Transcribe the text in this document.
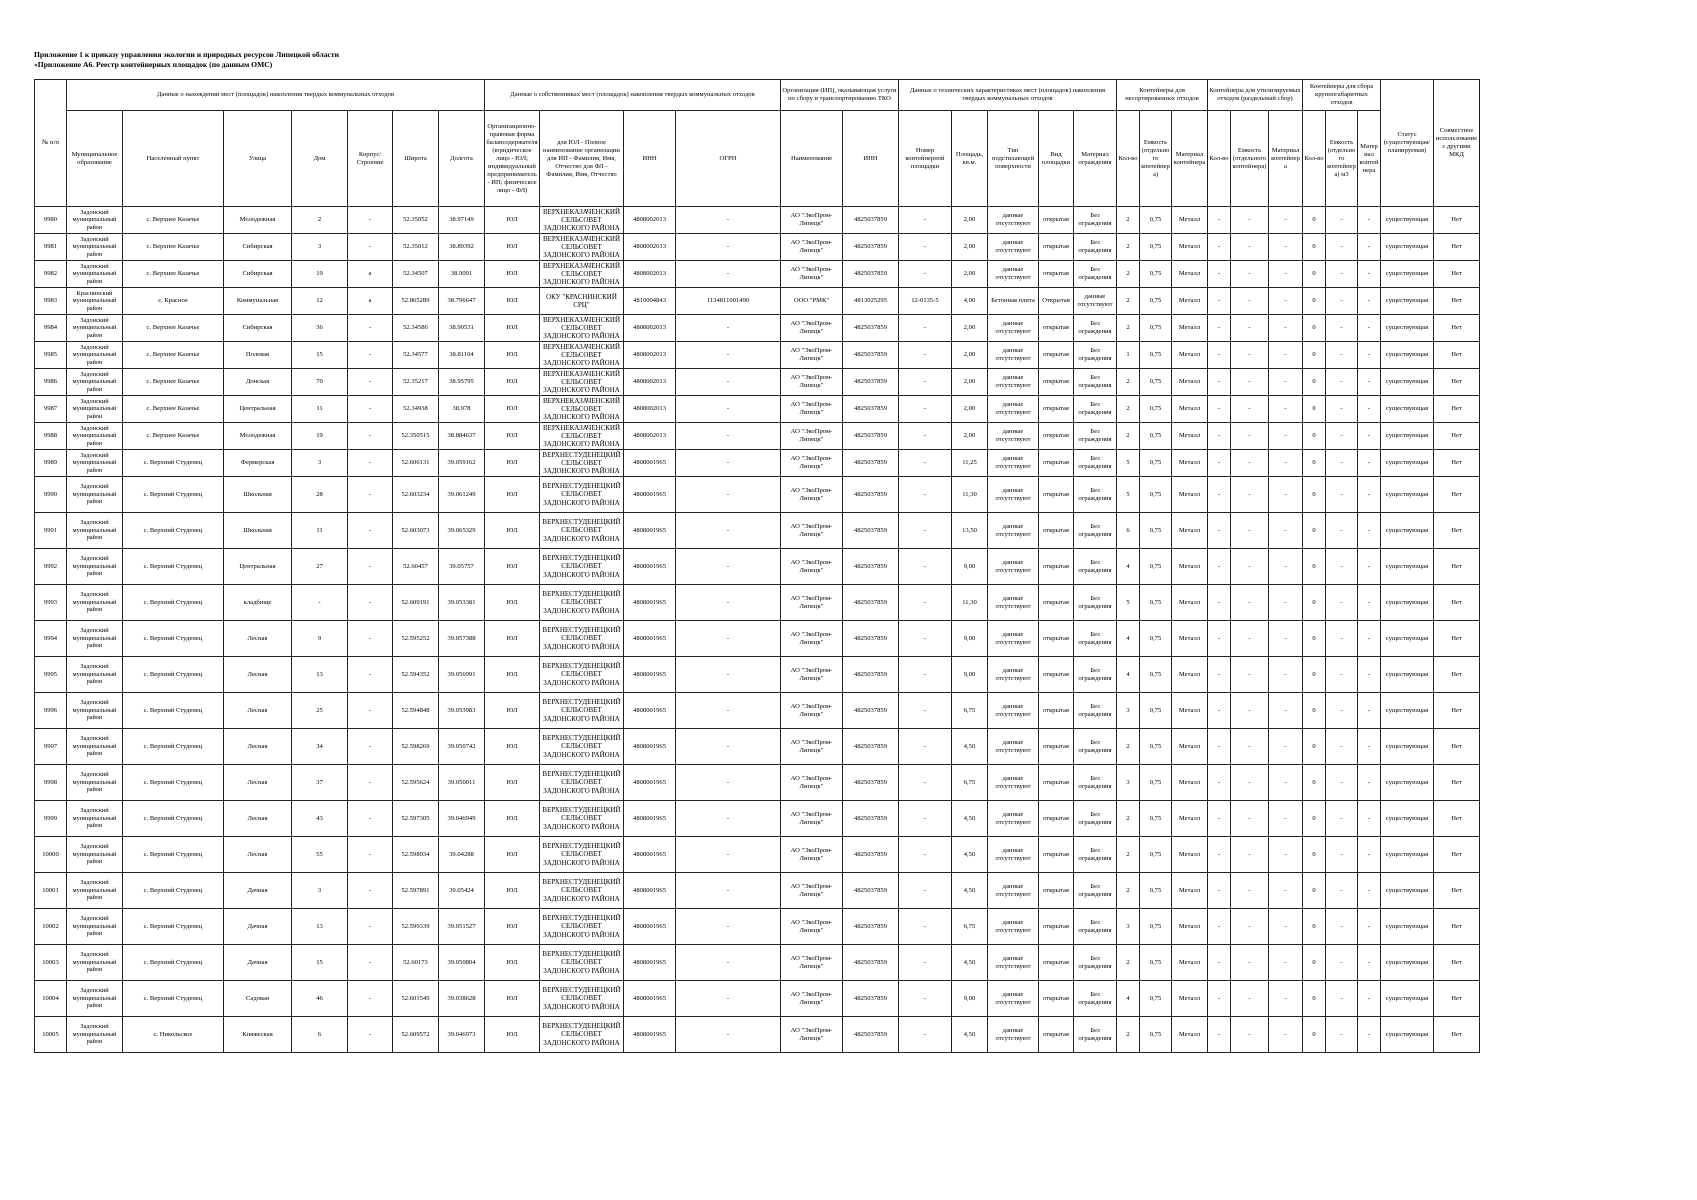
Приложение 1 к приказу управления экологии и природных ресурсов Липецкой области
«Приложение А6. Реестр контейнерных площадок (по данным ОМС)
№ п/п	Данные о нахождении мест (площадок) накопления твердых коммунальных отходов							Данные о собственниках мест (площадок) накопления твердых коммунальных отходов				Организация (ИП), оказывающая услуги по сбору и транспортированию ТКО		Данные о технических характеристиках мест (площадок) накопления твердых коммунальных отходов					Контейнеры для несортированных отходов			Контейнеры для утилизируемых отходов (раздельный сбор)			Контейнеры для сбора крупногабаритных отходов			Статус (существующая/ планируемая)	Совместное использование с другими МКД
	Муниципальное образование	Населенный пункт	Улица	Дом	Корпус/Строение	Широта	Долгота	Организационно-правовая форма балансодержателя (юридическое лицо - ЮЛ; индивидуальный предприниматель - ИП; физическое лицо - ФЛ)	для ЮЛ - Полное наименование организации для ИП - Фамилия, Имя, Отчество для ФЛ - Фамилия, Имя, Отчество	ИНН	ОГРН	Наименование	ИНН	Номер контейнерной площадки	Площадь, кв.м.	Тип подстилающей поверхности	Вид площадки	Материал ограждения	Кол-во	Емкость (отдельного контейнера)	Материал контейнера	Кол-во	Емкость (отдельного контейнера)	Материал контейнера	Кол-во	Емкость (отдельного контейнера) м3	Материал контейнера		
9980	Задонский муниципальный район	с. Верхнее Казачье	Молодежная	2	-	52.35052	38.97149	ЮЛ	ВЕРХНЕКАЗАЧЕНСКИЙ СЕЛЬСОВЕТ ЗАДОНСКОГО РАЙОНА	4808002013	-	АО "ЭкоПром-Липецк"	4825037859	-	2,00	данные отсутствуют	открытая	Без ограждения	2	0,75	Металл	-	-	-	0	-	-	существующая	Нет
9981	Задонский муниципальный район	с. Верхнее Казачье	Сибирская	3	-	52.35012	38.89392	ЮЛ	ВЕРХНЕКАЗАЧЕНСКИЙ СЕЛЬСОВЕТ ЗАДОНСКОГО РАЙОНА	4808002013	-	АО "ЭкоПром-Липецк"	4825037859	-	2,00	данные отсутствуют	открытая	Без ограждения	2	0,75	Металл	-	-	-	0	-	-	существующая	Нет
9982	Задонский муниципальный район	с. Верхнее Казачье	Сибирская	19	а	52.34507	38.9091	ЮЛ	ВЕРХНЕКАЗАЧЕНСКИЙ СЕЛЬСОВЕТ ЗАДОНСКОГО РАЙОНА	4808002013	-	АО "ЭкоПром-Липецк"	4825037859	-	2,00	данные отсутствуют	открытая	Без ограждения	2	0,75	Металл	-	-	-	0	-	-	существующая	Нет
9983	Краснинский муниципальный район	с. Красное	Коммунальная	12	а	52.865289	38.796647	ЮЛ	ОКУ "КРАСНИНСКИЙ СРЦ"	4810004843	1134811001490	ООО "РМК"	4813025295	12-0135-5	4,00	Бетонная плита	Открытая	данные отсутствуют	2	0,75	Металл	-	-	-	0	-	-	существующая	Нет
9984	Задонский муниципальный район	с. Верхнее Казачье	Сибирская	36	-	52.34586	38.90531	ЮЛ	ВЕРХНЕКАЗАЧЕНСКИЙ СЕЛЬСОВЕТ ЗАДОНСКОГО РАЙОНА	4808002013	-	АО "ЭкоПром-Липецк"	4825037859	-	2,00	данные отсутствуют	открытая	Без ограждения	2	0,75	Металл	-	-	-	0	-	-	существующая	Нет
9985	Задонский муниципальный район	с. Верхнее Казачье	Полевая	15	-	52.34577	38.81104	ЮЛ	ВЕРХНЕКАЗАЧЕНСКИЙ СЕЛЬСОВЕТ ЗАДОНСКОГО РАЙОНА	4808002013	-	АО "ЭкоПром-Липецк"	4825037859	-	2,00	данные отсутствуют	открытая	Без ограждения	1	0,75	Металл	-	-	-	0	-	-	существующая	Нет
9986	Задонский муниципальный район	с. Верхнее Казачье	Донская	70	-	52.35217	38.95795	ЮЛ	ВЕРХНЕКАЗАЧЕНСКИЙ СЕЛЬСОВЕТ ЗАДОНСКОГО РАЙОНА	4808002013	-	АО "ЭкоПром-Липецк"	4825037859	-	2,00	данные отсутствуют	открытая	Без ограждения	2	0,75	Металл	-	-	-	0	-	-	существующая	Нет
9987	Задонский муниципальный район	с. Верхнее Казачье	Центральная	11	-	52.34938	38.978	ЮЛ	ВЕРХНЕКАЗАЧЕНСКИЙ СЕЛЬСОВЕТ ЗАДОНСКОГО РАЙОНА	4808002013	-	АО "ЭкоПром-Липецк"	4825037859	-	2,00	данные отсутствуют	открытая	Без ограждения	2	0,75	Металл	-	-	-	0	-	-	существующая	Нет
9988	Задонский муниципальный район	с. Верхнее Казачье	Молодежная	19	-	52.350515	38.884637	ЮЛ	ВЕРХНЕКАЗАЧЕНСКИЙ СЕЛЬСОВЕТ ЗАДОНСКОГО РАЙОНА	4808002013	-	АО "ЭкоПром-Липецк"	4825037859	-	2,00	данные отсутствуют	открытая	Без ограждения	2	0,75	Металл	-	-	-	0	-	-	существующая	Нет
9989	Задонский муниципальный район	с. Верхний Студенец	Фермерская	3	-	52.606131	39.059162	ЮЛ	ВЕРХНЕСТУДЕНЕЦКИЙ СЕЛЬСОВЕТ ЗАДОНСКОГО РАЙОНА	4808001965	-	АО "ЭкоПром-Липецк"	4825037859	-	11,25	данные отсутствуют	открытая	Без ограждения	5	0,75	Металл	-	-	-	0	-	-	существующая	Нет
9990	Задонский муниципальный район	с. Верхний Студенец	Школьная	28	-	52.603234	39.061249	ЮЛ	ВЕРХНЕСТУДЕНЕЦКИЙ СЕЛЬСОВЕТ ЗАДОНСКОГО РАЙОНА	4808001965	-	АО "ЭкоПром-Липецк"	4825037859	-	11,30	данные отсутствуют	открытая	Без ограждения	5	0,75	Металл	-	-	-	0	-	-	существующая	Нет
9991	Задонский муниципальный район	с. Верхний Студенец	Школьная	11	-	52.603073	39.065329	ЮЛ	ВЕРХНЕСТУДЕНЕЦКИЙ СЕЛЬСОВЕТ ЗАДОНСКОГО РАЙОНА	4808001965	-	АО "ЭкоПром-Липецк"	4825037859	-	13,50	данные отсутствуют	открытая	Без ограждения	6	0,75	Металл	-	-	-	0	-	-	существующая	Нет
9992	Задонский муниципальный район	с. Верхний Студенец	Центральная	27	-	52.60457	39.05757	ЮЛ	ВЕРХНЕСТУДЕНЕЦКИЙ СЕЛЬСОВЕТ ЗАДОНСКОГО РАЙОНА	4808001965	-	АО "ЭкоПром-Липецк"	4825037859	-	9,00	данные отсутствуют	открытая	Без ограждения	4	0,75	Металл	-	-	-	0	-	-	существующая	Нет
9993	Задонский муниципальный район	с. Верхний Студенец	кладбище	-	-	52.609191	39.053381	ЮЛ	ВЕРХНЕСТУДЕНЕЦКИЙ СЕЛЬСОВЕТ ЗАДОНСКОГО РАЙОНА	4808001965	-	АО "ЭкоПром-Липецк"	4825037859	-	11,30	данные отсутствуют	открытая	Без ограждения	5	0,75	Металл	-	-	-	0	-	-	существующая	Нет
9994	Задонский муниципальный район	с. Верхний Студенец	Лесная	9	-	52.595252	39.057388	ЮЛ	ВЕРХНЕСТУДЕНЕЦКИЙ СЕЛЬСОВЕТ ЗАДОНСКОГО РАЙОНА	4808001965	-	АО "ЭкоПром-Липецк"	4825037859	-	9,00	данные отсутствуют	открытая	Без ограждения	4	0,75	Металл	-	-	-	0	-	-	существующая	Нет
9995	Задонский муниципальный район	с. Верхний Студенец	Лесная	13	-	52.594352	39.056991	ЮЛ	ВЕРХНЕСТУДЕНЕЦКИЙ СЕЛЬСОВЕТ ЗАДОНСКОГО РАЙОНА	4808001965	-	АО "ЭкоПром-Липецк"	4825037859	-	9,00	данные отсутствуют	открытая	Без ограждения	4	0,75	Металл	-	-	-	0	-	-	существующая	Нет
9996	Задонский муниципальный район	с. Верхний Студенец	Лесная	25	-	52.594848	39.053983	ЮЛ	ВЕРХНЕСТУДЕНЕЦКИЙ СЕЛЬСОВЕТ ЗАДОНСКОГО РАЙОНА	4808001965	-	АО "ЭкоПром-Липецк"	4825037859	-	6,75	данные отсутствуют	открытая	Без ограждения	3	0,75	Металл	-	-	-	0	-	-	существующая	Нет
9997	Задонский муниципальный район	с. Верхний Студенец	Лесная	34	-	52.598269	39.050742	ЮЛ	ВЕРХНЕСТУДЕНЕЦКИЙ СЕЛЬСОВЕТ ЗАДОНСКОГО РАЙОНА	4808001965	-	АО "ЭкоПром-Липецк"	4825037859	-	4,50	данные отсутствуют	открытая	Без ограждения	2	0,75	Металл	-	-	-	0	-	-	существующая	Нет
9998	Задонский муниципальный район	с. Верхний Студенец	Лесная	37	-	52.595624	39.050011	ЮЛ	ВЕРХНЕСТУДЕНЕЦКИЙ СЕЛЬСОВЕТ ЗАДОНСКОГО РАЙОНА	4808001965	-	АО "ЭкоПром-Липецк"	4825037859	-	6,75	данные отсутствуют	открытая	Без ограждения	3	0,75	Металл	-	-	-	0	-	-	существующая	Нет
9999	Задонский муниципальный район	с. Верхний Студенец	Лесная	43	-	52.597305	39.046949	ЮЛ	ВЕРХНЕСТУДЕНЕЦКИЙ СЕЛЬСОВЕТ ЗАДОНСКОГО РАЙОНА	4808001965	-	АО "ЭкоПром-Липецк"	4825037859	-	4,50	данные отсутствуют	открытая	Без ограждения	2	0,75	Металл	-	-	-	0	-	-	существующая	Нет
10000	Задонский муниципальный район	с. Верхний Студенец	Лесная	55	-	52.598934	39.04288	ЮЛ	ВЕРХНЕСТУДЕНЕЦКИЙ СЕЛЬСОВЕТ ЗАДОНСКОГО РАЙОНА	4808001965	-	АО "ЭкоПром-Липецк"	4825037859	-	4,50	данные отсутствуют	открытая	Без ограждения	2	0,75	Металл	-	-	-	0	-	-	существующая	Нет
10001	Задонский муниципальный район	с. Верхний Студенец	Дачная	3	-	52.597891	39.05424	ЮЛ	ВЕРХНЕСТУДЕНЕЦКИЙ СЕЛЬСОВЕТ ЗАДОНСКОГО РАЙОНА	4808001965	-	АО "ЭкоПром-Липецк"	4825037859	-	4,50	данные отсутствуют	открытая	Без ограждения	2	0,75	Металл	-	-	-	0	-	-	существующая	Нет
10002	Задонский муниципальный район	с. Верхний Студенец	Дачная	13	-	52.599339	39.051527	ЮЛ	ВЕРХНЕСТУДЕНЕЦКИЙ СЕЛЬСОВЕТ ЗАДОНСКОГО РАЙОНА	4808001965	-	АО "ЭкоПром-Липецк"	4825037859	-	6,75	данные отсутствуют	открытая	Без ограждения	3	0,75	Металл	-	-	-	0	-	-	существующая	Нет
10003	Задонский муниципальный район	с. Верхний Студенец	Дачная	15	-	52.60173	39.050804	ЮЛ	ВЕРХНЕСТУДЕНЕЦКИЙ СЕЛЬСОВЕТ ЗАДОНСКОГО РАЙОНА	4808001965	-	АО "ЭкоПром-Липецк"	4825037859	-	4,50	данные отсутствуют	открытая	Без ограждения	2	0,75	Металл	-	-	-	0	-	-	существующая	Нет
10004	Задонский муниципальный район	с. Верхний Студенец	Садовая	46	-	52.601549	39.038628	ЮЛ	ВЕРХНЕСТУДЕНЕЦКИЙ СЕЛЬСОВЕТ ЗАДОНСКОГО РАЙОНА	4808001965	-	АО "ЭкоПром-Липецк"	4825037859	-	9,00	данные отсутствуют	открытая	Без ограждения	4	0,75	Металл	-	-	-	0	-	-	существующая	Нет
10005	Задонский муниципальный район	с. Никольское	Княжеская	6	-	52.609572	39.046973	ЮЛ	ВЕРХНЕСТУДЕНЕЦКИЙ СЕЛЬСОВЕТ ЗАДОНСКОГО РАЙОНА	4808001965	-	АО "ЭкоПром-Липецк"	4825037859	-	4,50	данные отсутствуют	открытая	Без ограждения	2	0,75	Металл	-	-	-	0	-	-	существующая	Нет
